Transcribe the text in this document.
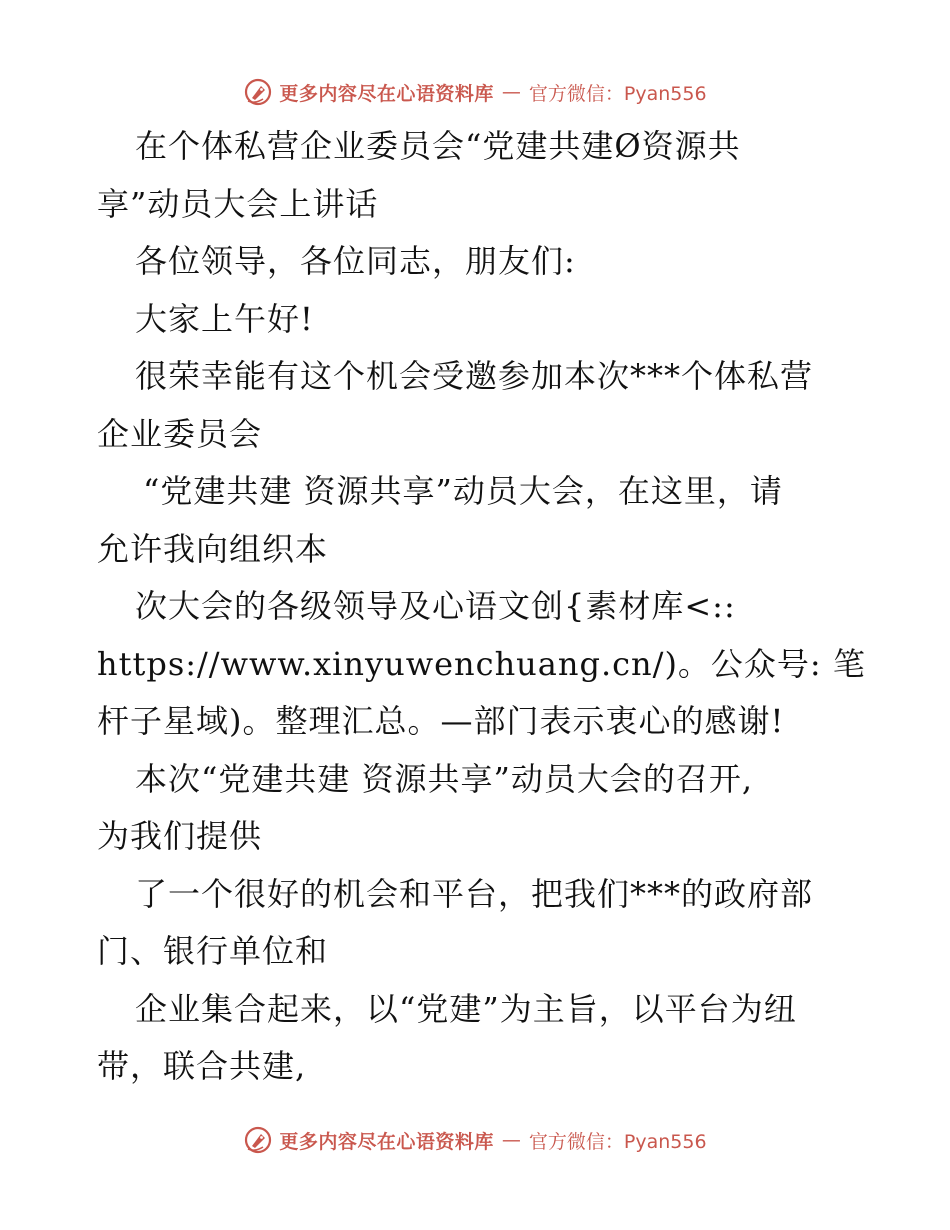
更多内容尽在心语资料库 — 官方微信：Pyan556
在个体私营企业委员会“党建共建Ø资源共
享”动员大会上讲话
各位领导，各位同志，朋友们:
大家上午好!
很荣幸能有这个机会受邀参加本次***个体私营
企业委员会
“党建共建 资源共享”动员大会，在这里，请
允许我向组织本
次大会的各级领导及心语文创{素材库<::
https://www.xinyuwenchuang.cn/)。公众号: 笔
杆子星域)。整理汇总。—部门表示衷心的感谢!
本次“党建共建 资源共享”动员大会的召开,
为我们提供
了一个很好的机会和平台，把我们***的政府部
门、银行单位和
企业集合起来，以“党建”为主旨，以平台为纽
带，联合共建,
更多内容尽在心语资料库 — 官方微信：Pyan556
